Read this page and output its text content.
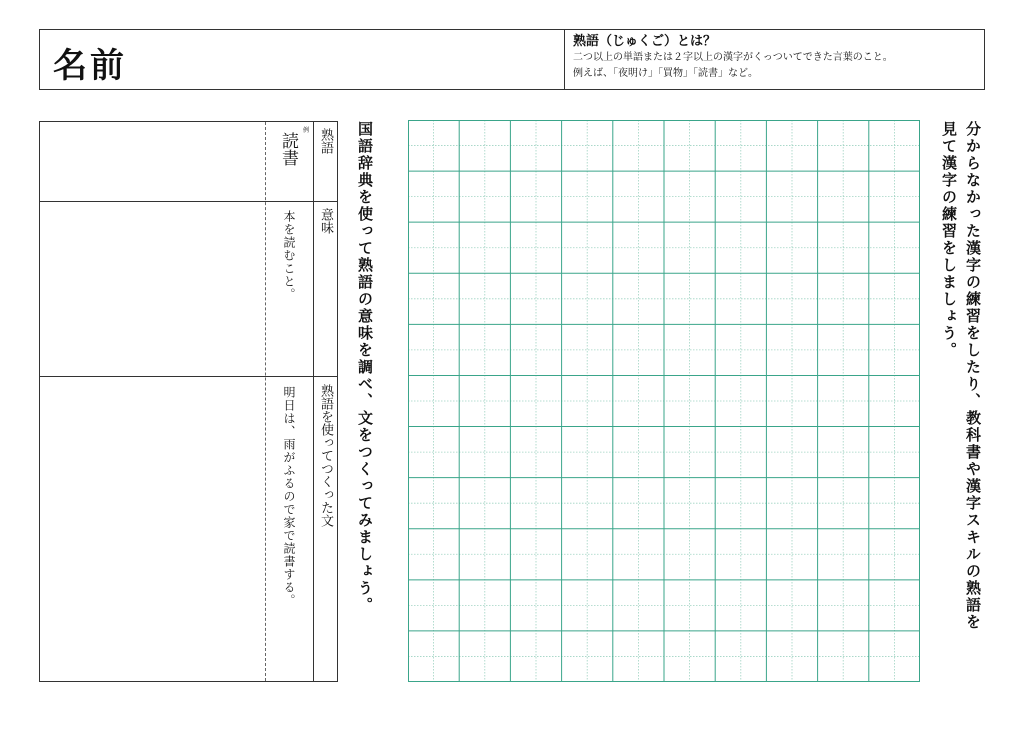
名前
熟語（じゅくご）とは？
二つ以上の単語または２字以上の漢字がくっついてできた言葉のこと。
例えば、「夜明け」「買物」「読書」など。
熟語
意味
熟語を使ってつくった文
例
読書
本を読むこと。
明日は、雨がふるので家で読書する。	国語辞典を使って熟語の意味を調べ、文をつくってみましょう。	分からなかった漢字の練習をしたり、教科書や漢字スキルの熟語を
見て漢字の練習をしましょう。
